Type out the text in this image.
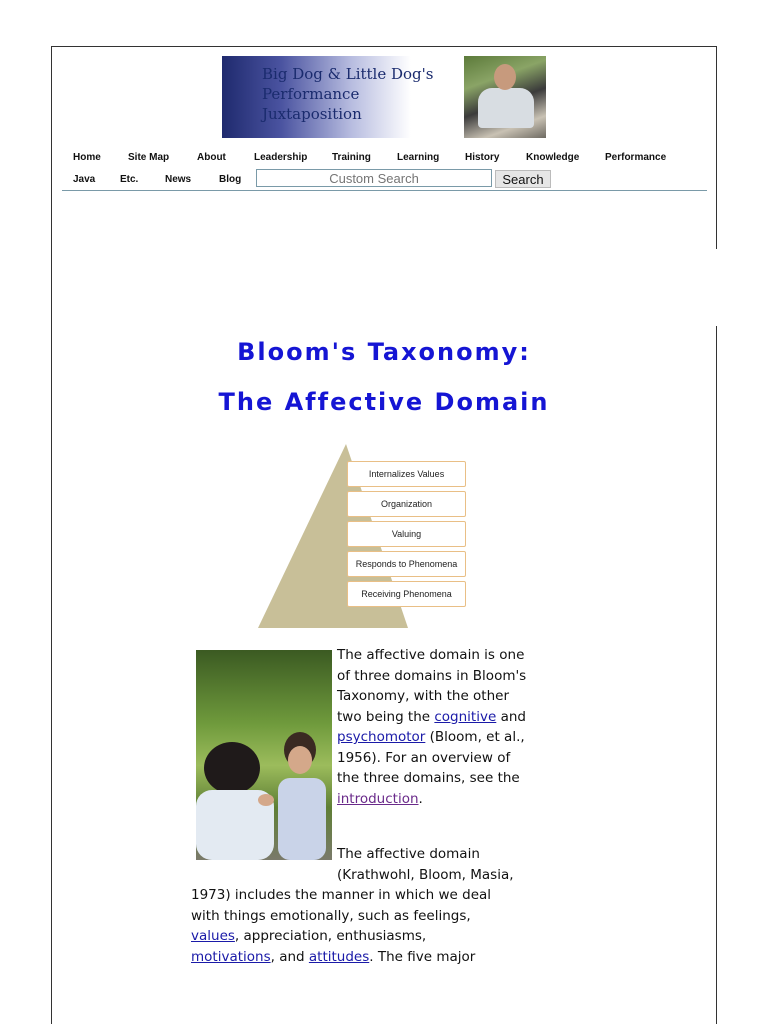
Big Dog & Little Dog's
Performance Juxtaposition
Home	Site Map	About	Leadership Training	Learning	History	Knowledge	Performance
Java Etc.	News	Blog
Custom Search	Search
Bloom's Taxonomy:
The Affective Domain
Internalizes Values
Organization
Valuing
Responds to Phenomena
Receiving Phenomena
The affective domain is one of three domains in Bloom's Taxonomy, with the other two being the cognitive and psychomotor (Bloom, et al., 1956). For an overview of the three domains, see the introduction.
The affective domain (Krathwohl, Bloom, Masia,
1973) includes the manner in which we deal with things emotionally, such as feelings, values, appreciation, enthusiasms, motivations, and attitudes. The five major
